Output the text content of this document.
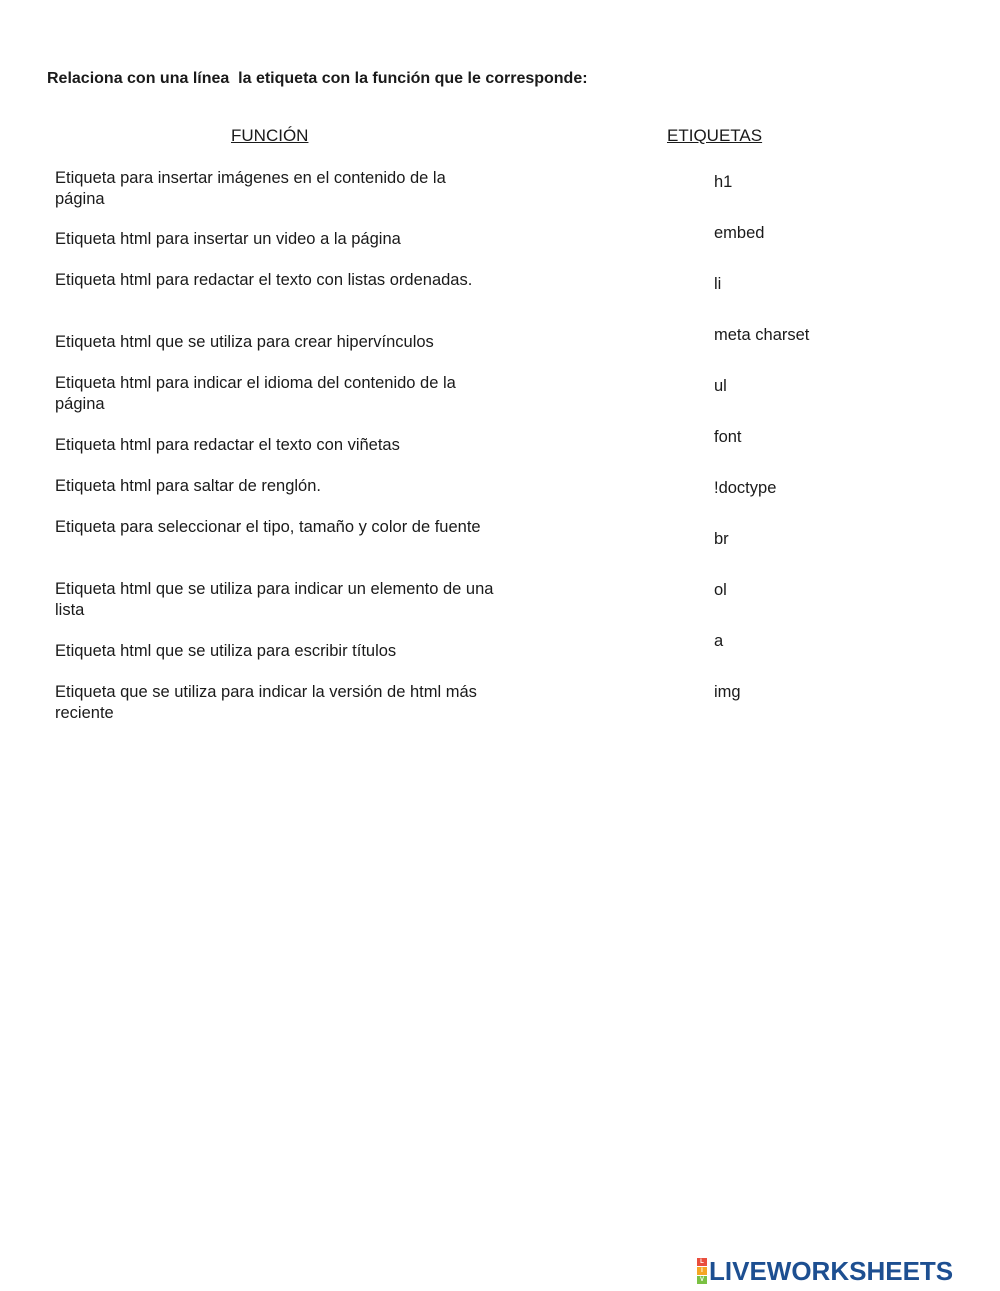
Relaciona con una línea  la etiqueta con la función que le corresponde:
FUNCIÓN	ETIQUETAS
Etiqueta para insertar imágenes en el contenido de la página
Etiqueta html para insertar un video a la página
Etiqueta html para redactar el texto con listas ordenadas.
Etiqueta html que se utiliza para crear hipervínculos
Etiqueta html para indicar el idioma del contenido de la página
Etiqueta html para redactar el texto con viñetas
Etiqueta html para saltar de renglón.
Etiqueta para seleccionar el tipo, tamaño y color de fuente
Etiqueta html que se utiliza para indicar un elemento de una lista
Etiqueta html que se utiliza para escribir títulos
Etiqueta que se utiliza para indicar la versión de html más reciente
h1
embed
li
meta charset
ul
font
!doctype
br
ol
a
img
L
I
V LIVEWORKSHEETS
